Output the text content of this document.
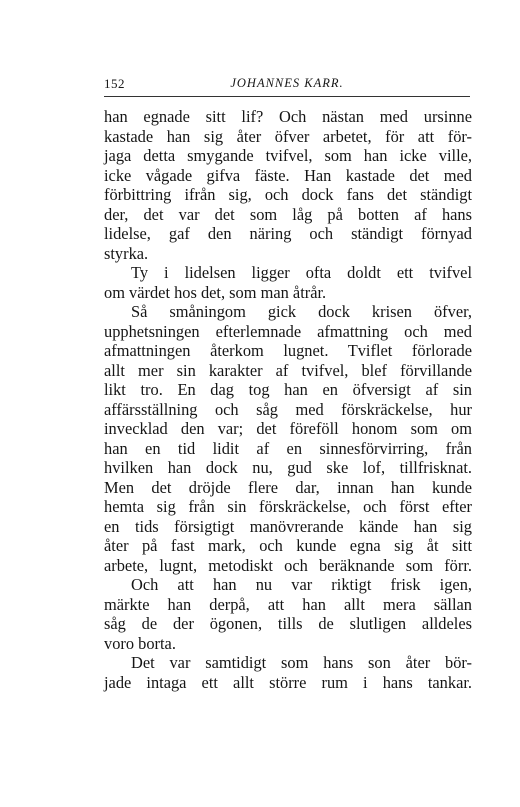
152	JOHANNES KARR.
han egnade sitt lif? Och nästan med ursinne
kastade han sig åter öfver arbetet, för att för-
jaga detta smygande tvifvel, som han icke ville,
icke vågade gifva fäste. Han kastade det med
förbittring ifrån sig, och dock fans det ständigt
der, det var det som låg på botten af hans
lidelse, gaf den näring och ständigt förnyad
styrka.
Ty i lidelsen ligger ofta doldt ett tvifvel
om värdet hos det, som man åtrår.
Så småningom gick dock krisen öfver,
upphetsningen efterlemnade afmattning och med
afmattningen återkom lugnet. Tviflet förlorade
allt mer sin karakter af tvifvel, blef förvillande
likt tro. En dag tog han en öfversigt af sin
affärsställning och såg med förskräckelse, hur
invecklad den var; det föreföll honom som om
han en tid lidit af en sinnesförvirring, från
hvilken han dock nu, gud ske lof, tillfrisknat.
Men det dröjde flere dar, innan han kunde
hemta sig från sin förskräckelse, och först efter
en tids försigtigt manövrerande kände han sig
åter på fast mark, och kunde egna sig åt sitt
arbete, lugnt, metodiskt och beräknande som förr.
Och att han nu var riktigt frisk igen,
märkte han derpå, att han allt mera sällan
såg de der ögonen, tills de slutligen alldeles
voro borta.
Det var samtidigt som hans son åter bör-
jade intaga ett allt större rum i hans tankar.
